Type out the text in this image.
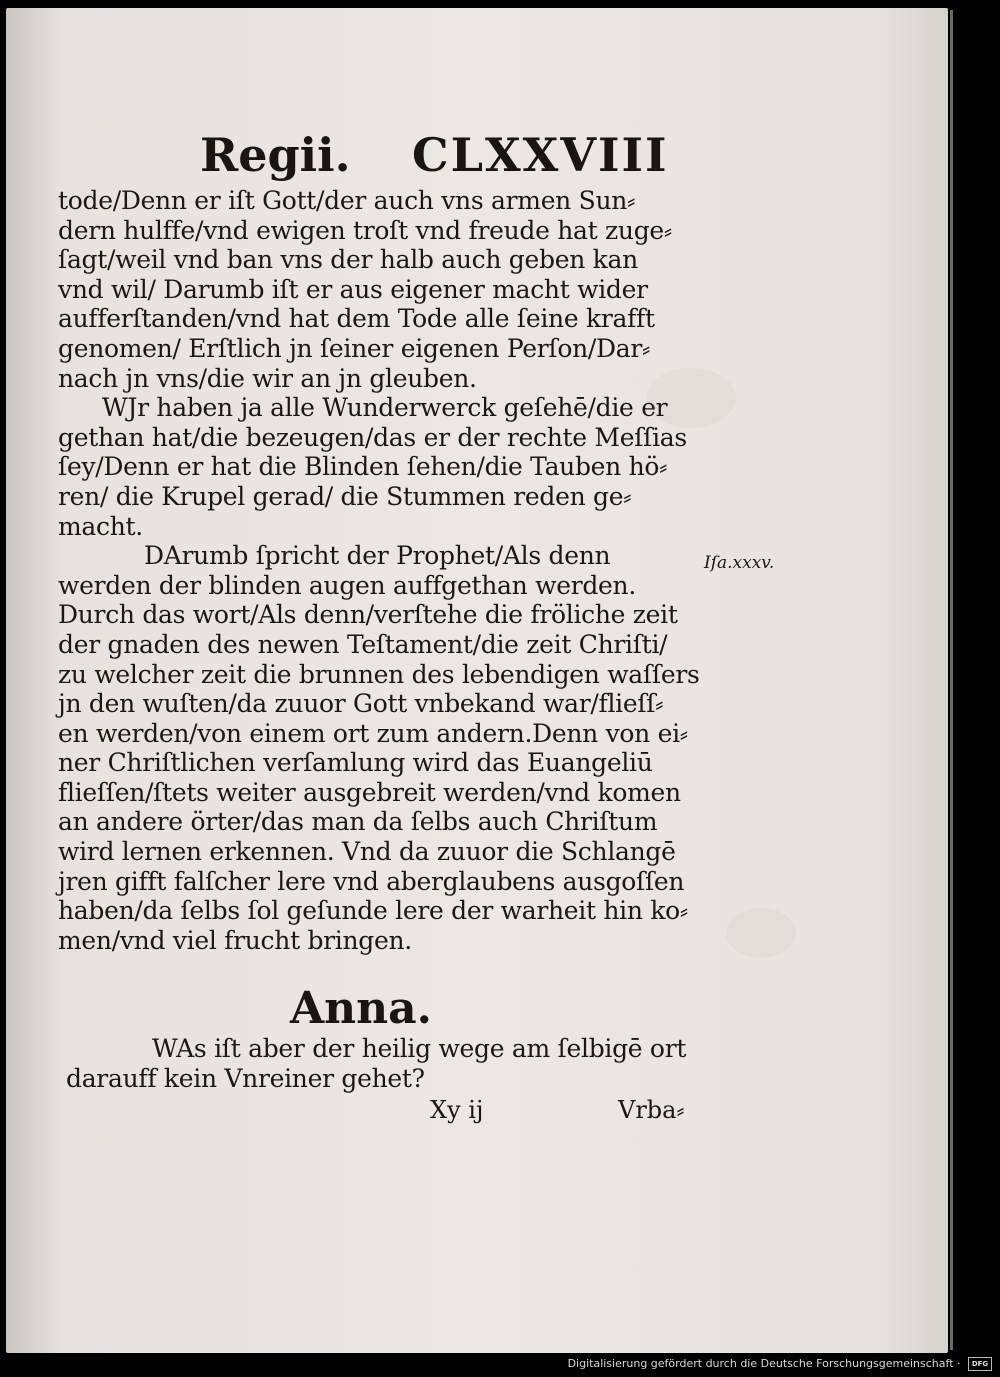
Regii. CLXXVIII
tode/Denn er iſt Gott/der auch vns armen Sun⸗
dern hulffe/vnd ewigen troſt vnd freude hat zuge⸗
ſagt/weil vnd ban vns der halb auch geben kan
vnd wil/ Darumb iſt er aus eigener macht wider
aufferſtanden/vnd hat dem Tode alle ſeine krafft
genomen/ Erſtlich jn ſeiner eigenen Perſon/Dar⸗
nach jn vns/die wir an jn gleuben.
WJr haben ja alle Wunderwerck geſehē/die er
gethan hat/die bezeugen/das er der rechte Meſſias
ſey/Denn er hat die Blinden ſehen/die Tauben hö⸗
ren/ die Krupel gerad/ die Stummen reden ge⸗
macht.
DArumb ſpricht der Prophet/Als denn
werden der blinden augen auffgethan werden.
Durch das wort/Als denn/verſtehe die fröliche zeit
der gnaden des newen Teſtament/die zeit Chriſti/
zu welcher zeit die brunnen des lebendigen waſſers
jn den wuſten/da zuuor Gott vnbekand war/flieſſ⸗
en werden/von einem ort zum andern.Denn von ei⸗
ner Chriſtlichen verſamlung wird das Euangeliū
flieſſen/ſtets weiter ausgebreit werden/vnd komen
an andere örter/das man da ſelbs auch Chriſtum
wird lernen erkennen. Vnd da zuuor die Schlangē
jren gifft falſcher lere vnd aberglaubens ausgoſſen
haben/da ſelbs ſol geſunde lere der warheit hin ko⸗
men/vnd viel frucht bringen.
Iſa.xxxv.
Anna.
WAs iſt aber der heilig wege am ſelbigē ort
darauff kein Vnreiner gehet?
Xy ij	Vrba⸗
Digitalisierung gefördert durch die Deutsche Forschungsgemeinschaft · DFG
